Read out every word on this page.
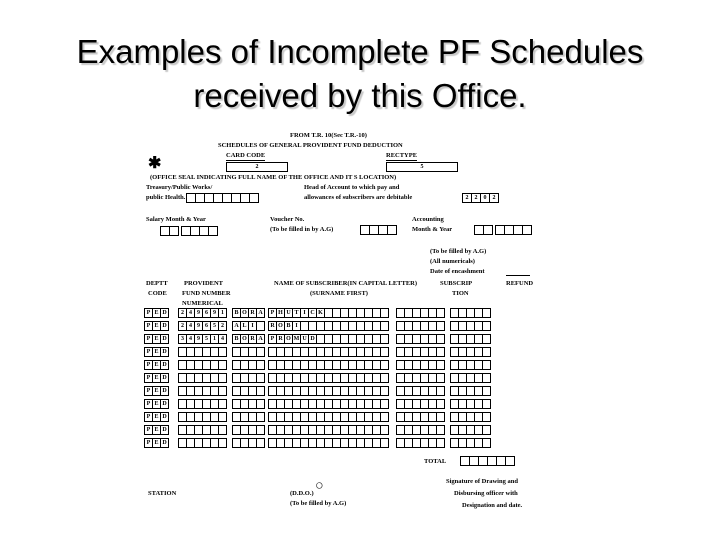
Examples of Incomplete PF Schedules
received by this Office.
✱
FROM T.R. 10(Sec T.R.-10)
SCHEDULES OF GENERAL PROVIDENT FUND DEDUCTION
CARD CODE
2
RECTYPE
5
(OFFICE SEAL INDICATING FULL NAME OF THE OFFICE AND IT S LOCATION)
Treasury/Public Works/
public Health.
Head of Account to which pay and
allowances of subscribers are debitable	2	2	0	2
Salary Month & Year	Voucher No.
(To be filled in by A.G)
Accounting
Month & Year
(To be filled by A.G)
(All numericals)
Date of encashment
DEPTT
CODE
PROVIDENT
FUND NUMBER
NUMERICAL
NAME OF SUBSCRIBER(IN CAPITAL LETTER)
(SURNAME FIRST)
SUBSCRIP
TION
REFUND
P E D	2 4 9 6 9 1	B O R A	P H U T I C K
P E D	2 4 9 6 5 2	A L I	R O B I
P E D	3 4 9 5 1 4	B O R A	P R O M U D
P E D
P E D
P E D
P E D
P E D
P E D
P E D
P E D
TOTAL
Signature of Drawing and
Disbursing officer with
Designation and date.
STATION	(D.D.O.)
(To be filled by A.G)
◯
